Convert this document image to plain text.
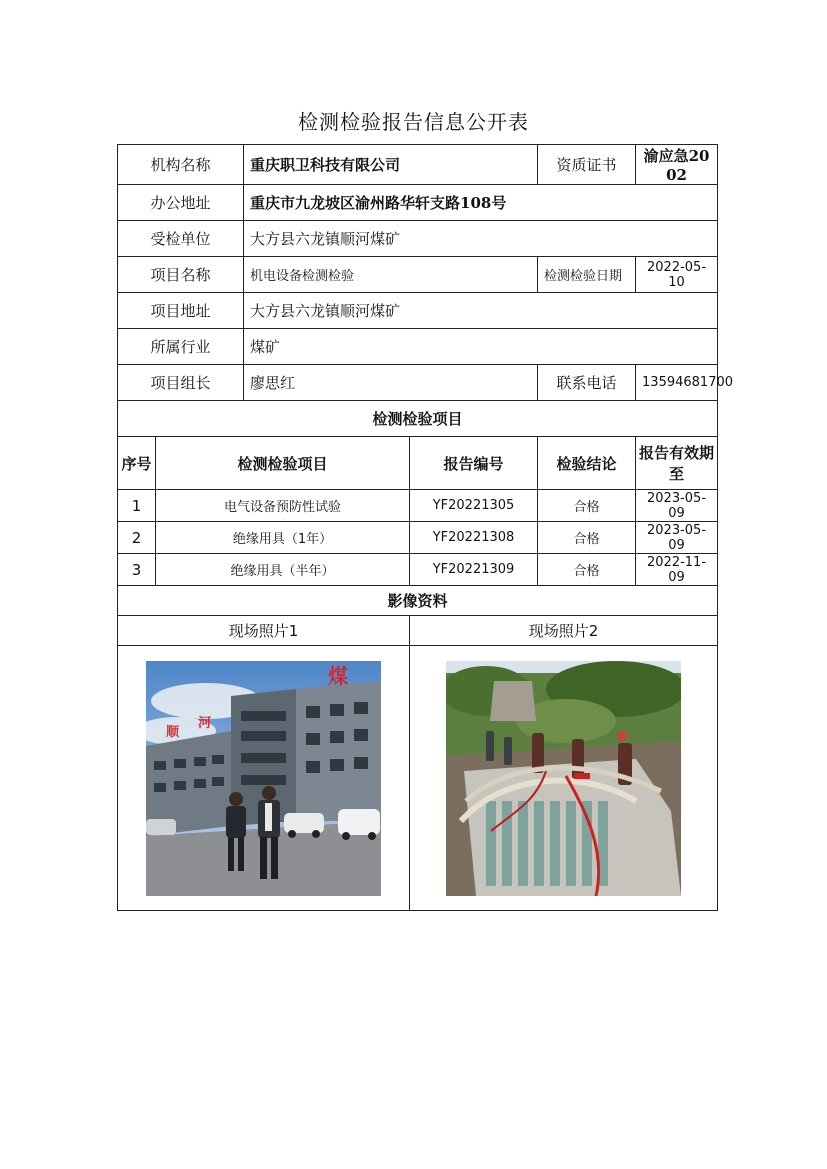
检测检验报告信息公开表
机构名称		重庆职卫科技有限公司		资质证书	渝应急20 02
办公地址		重庆市九龙坡区渝州路华轩支路108号			
受检单位		大方县六龙镇顺河煤矿			
项目名称		机电设备检测检验		检测检验日期	2022-05-10
项目地址		大方县六龙镇顺河煤矿			
所属行业		煤矿			
项目组长		廖思红		联系电话	13594681700
检测检验项目					
序号	检测检验项目		报告编号	检验结论	报告有效期至
1	电气设备预防性试验		YF20221305	合格	2023-05-09
2	绝缘用具（1年）		YF20221308	合格	2023-05-09
3	绝缘用具（半年）		YF20221309	合格	2022-11-09
影像资料					
现场照片1			现场照片2		

顺
河
煤
